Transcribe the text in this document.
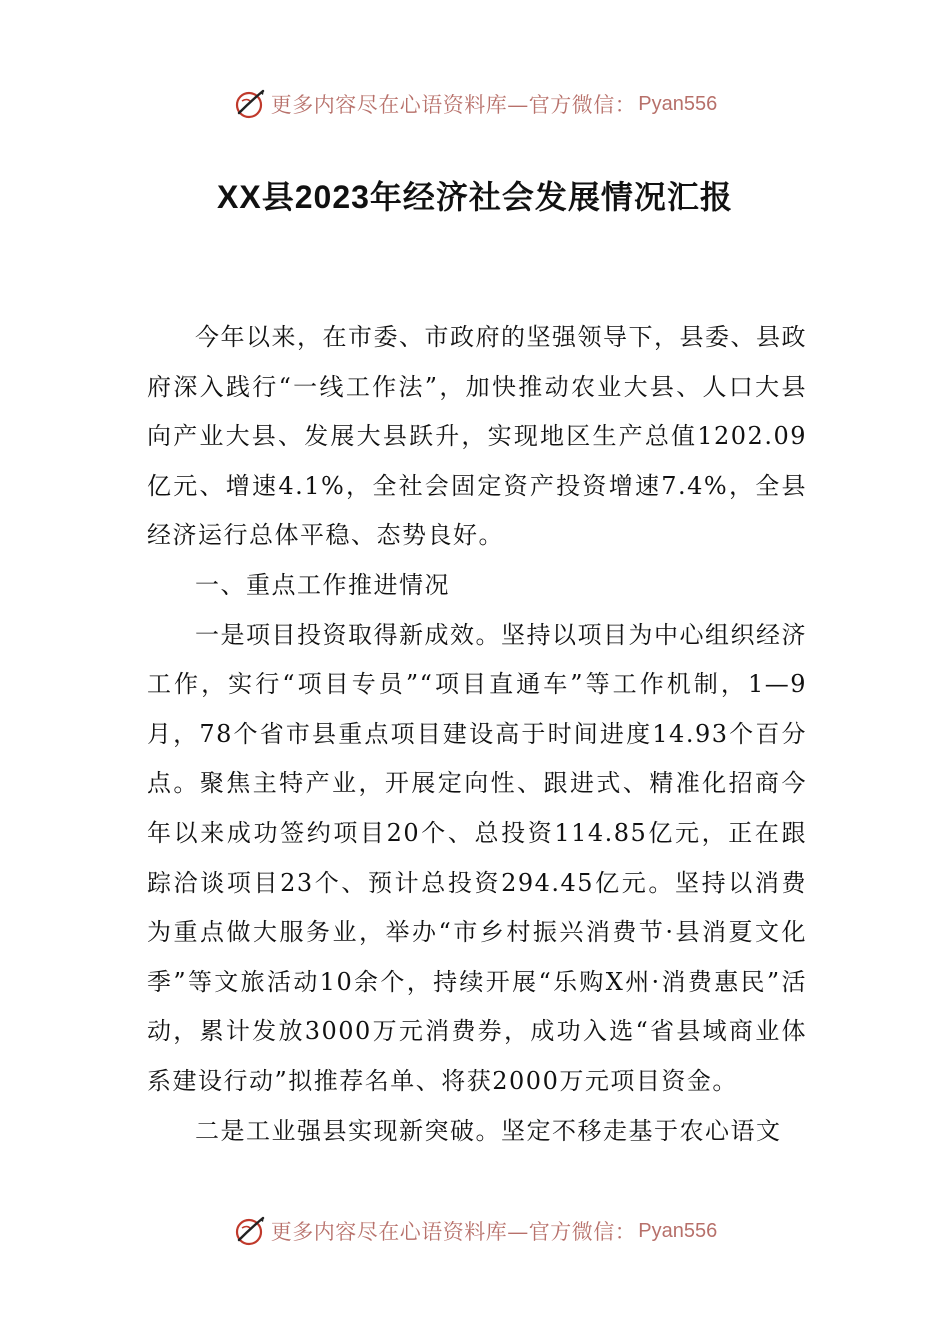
更多内容尽在心语资料库—官方微信： Pyan556
XX县2023年经济社会发展情况汇报

今年以来，在市委、市政府的坚强领导下，县委、县政府深入践行“一线工作法”，加快推动农业大县、人口大县向产业大县、发展大县跃升，实现地区生产总值1202.09亿元、增速4.1%，全社会固定资产投资增速7.4%，全县经济运行总体平稳、态势良好。

一、重点工作推进情况

一是项目投资取得新成效。坚持以项目为中心组织经济工作，实行“项目专员”“项目直通车”等工作机制，1—9月，78个省市县重点项目建设高于时间进度14.93个百分点。聚焦主特产业，开展定向性、跟进式、精准化招商今年以来成功签约项目20个、总投资114.85亿元，正在跟踪洽谈项目23个、预计总投资294.45亿元。坚持以消费为重点做大服务业，举办“市乡村振兴消费节·县消夏文化季”等文旅活动10余个，持续开展“乐购X州·消费惠民”活动，累计发放3000万元消费券，成功入选“省县域商业体系建设行动”拟推荐名单、将获2000万元项目资金。

二是工业强县实现新突破。坚定不移走基于农心语文

更多内容尽在心语资料库—官方微信： Pyan556
